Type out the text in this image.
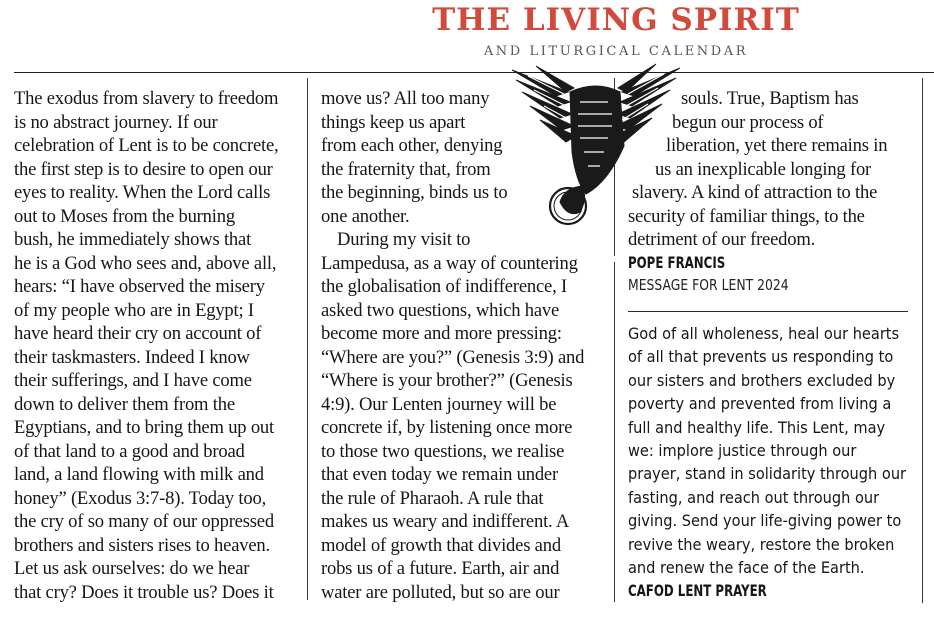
THE LIVING SPIRIT
AND LITURGICAL CALENDAR
The exodus from slavery to freedom
is no abstract journey. If our
celebration of Lent is to be concrete,
the first step is to desire to open our
eyes to reality. When the Lord calls
out to Moses from the burning
bush, he immediately shows that
he is a God who sees and, above all,
hears: “I have observed the misery
of my people who are in Egypt; I
have heard their cry on account of
their taskmasters. Indeed I know
their sufferings, and I have come
down to deliver them from the
Egyptians, and to bring them up out
of that land to a good and broad
land, a land flowing with milk and
honey” (Exodus 3:7-8). Today too,
the cry of so many of our oppressed
brothers and sisters rises to heaven.
Let us ask ourselves: do we hear
that cry? Does it trouble us? Does it
move us? All too many
things keep us apart
from each other, denying
the fraternity that, from
the beginning, binds us to
one another.
During my visit to
Lampedusa, as a way of countering
the globalisation of indifference, I
asked two questions, which have
become more and more pressing:
“Where are you?” (Genesis 3:9) and
“Where is your brother?” (Genesis
4:9). Our Lenten journey will be
concrete if, by listening once more
to those two questions, we realise
that even today we remain under
the rule of Pharaoh. A rule that
makes us weary and indifferent. A
model of growth that divides and
robs us of a future. Earth, air and
water are polluted, but so are our
souls. True, Baptism has
begun our process of
liberation, yet there remains in
us an inexplicable longing for
slavery. A kind of attraction to the
security of familiar things, to the
detriment of our freedom.
POPE FRANCIS
MESSAGE FOR LENT 2024
God of all wholeness, heal our hearts
of all that prevents us responding to
our sisters and brothers excluded by
poverty and prevented from living a
full and healthy life. This Lent, may
we: implore justice through our
prayer, stand in solidarity through our
fasting, and reach out through our
giving. Send your life-giving power to
revive the weary, restore the broken
and renew the face of the Earth.
CAFOD LENT PRAYER
